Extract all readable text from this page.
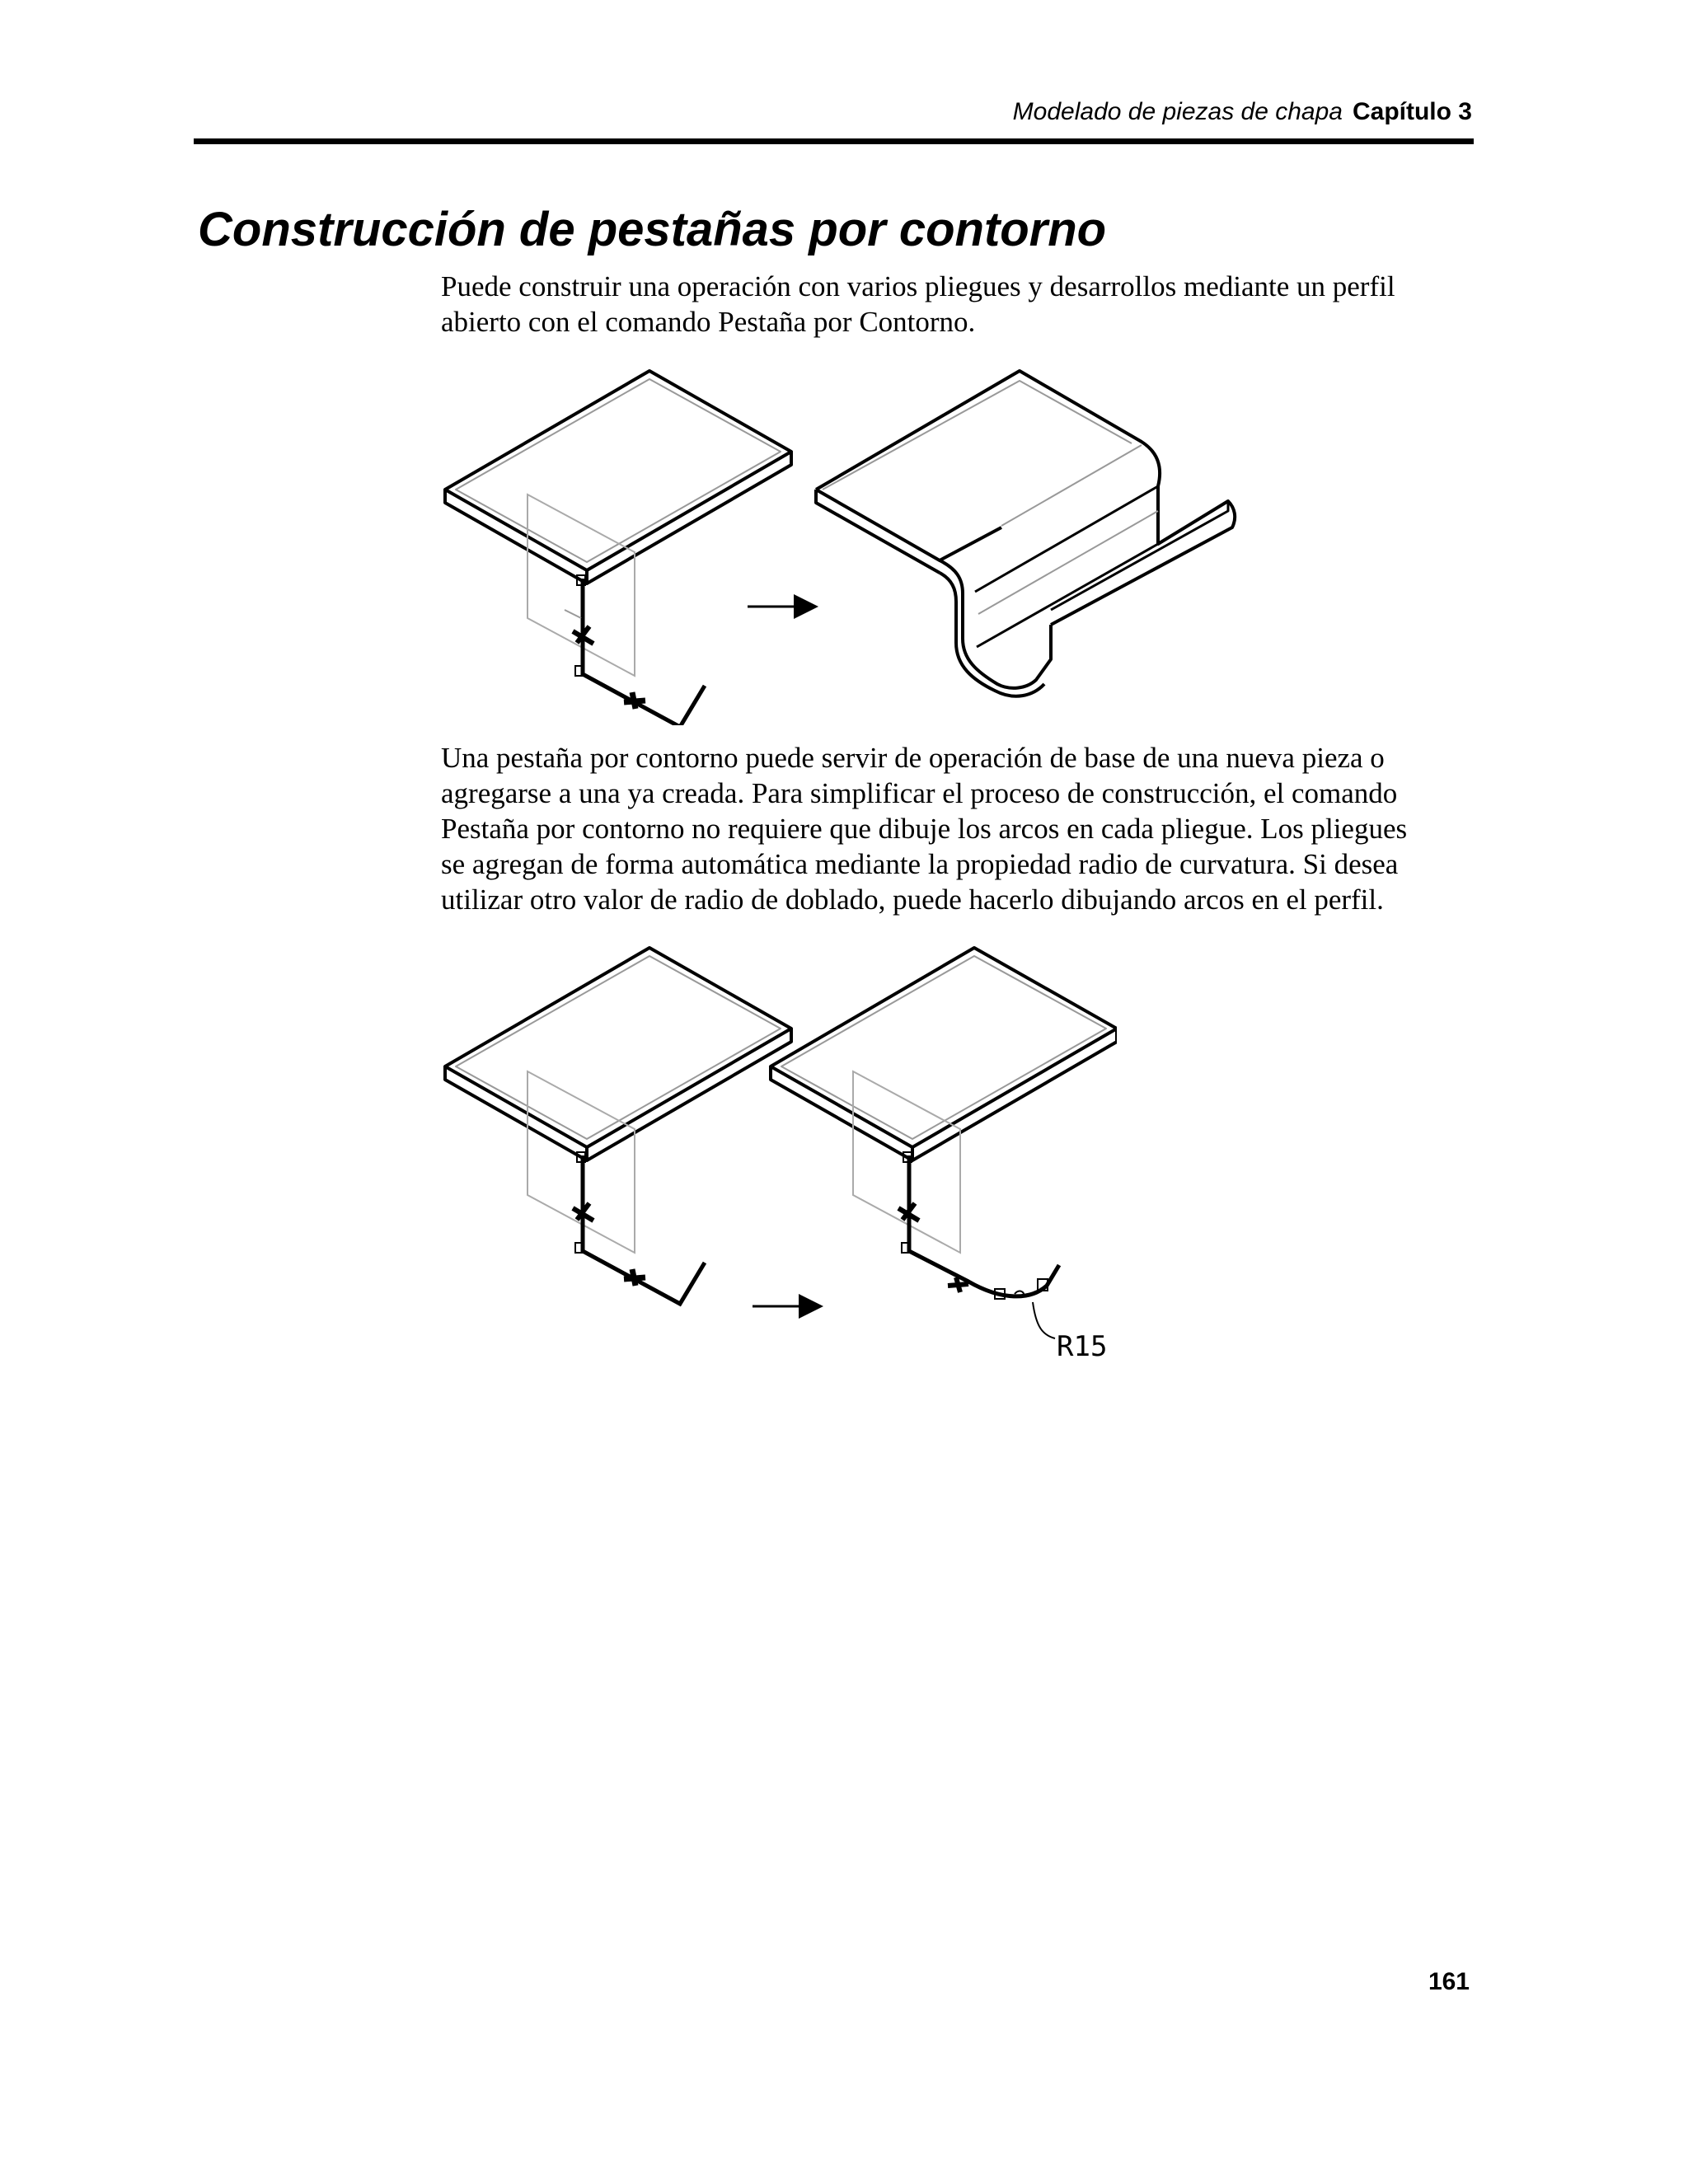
Modelado de piezas de chapa Capítulo 3
Construcción de pestañas por contorno

Puede construir una operación con varios pliegues y desarrollos mediante un perfil
abierto con el comando Pestaña por Contorno.

Una pestaña por contorno puede servir de operación de base de una nueva pieza o
agregarse a una ya creada. Para simplificar el proceso de construcción, el comando
Pestaña por contorno no requiere que dibuje los arcos en cada pliegue. Los pliegues
se agregan de forma automática mediante la propiedad radio de curvatura. Si desea
utilizar otro valor de radio de doblado, puede hacerlo dibujando arcos en el perfil.

R15
161
